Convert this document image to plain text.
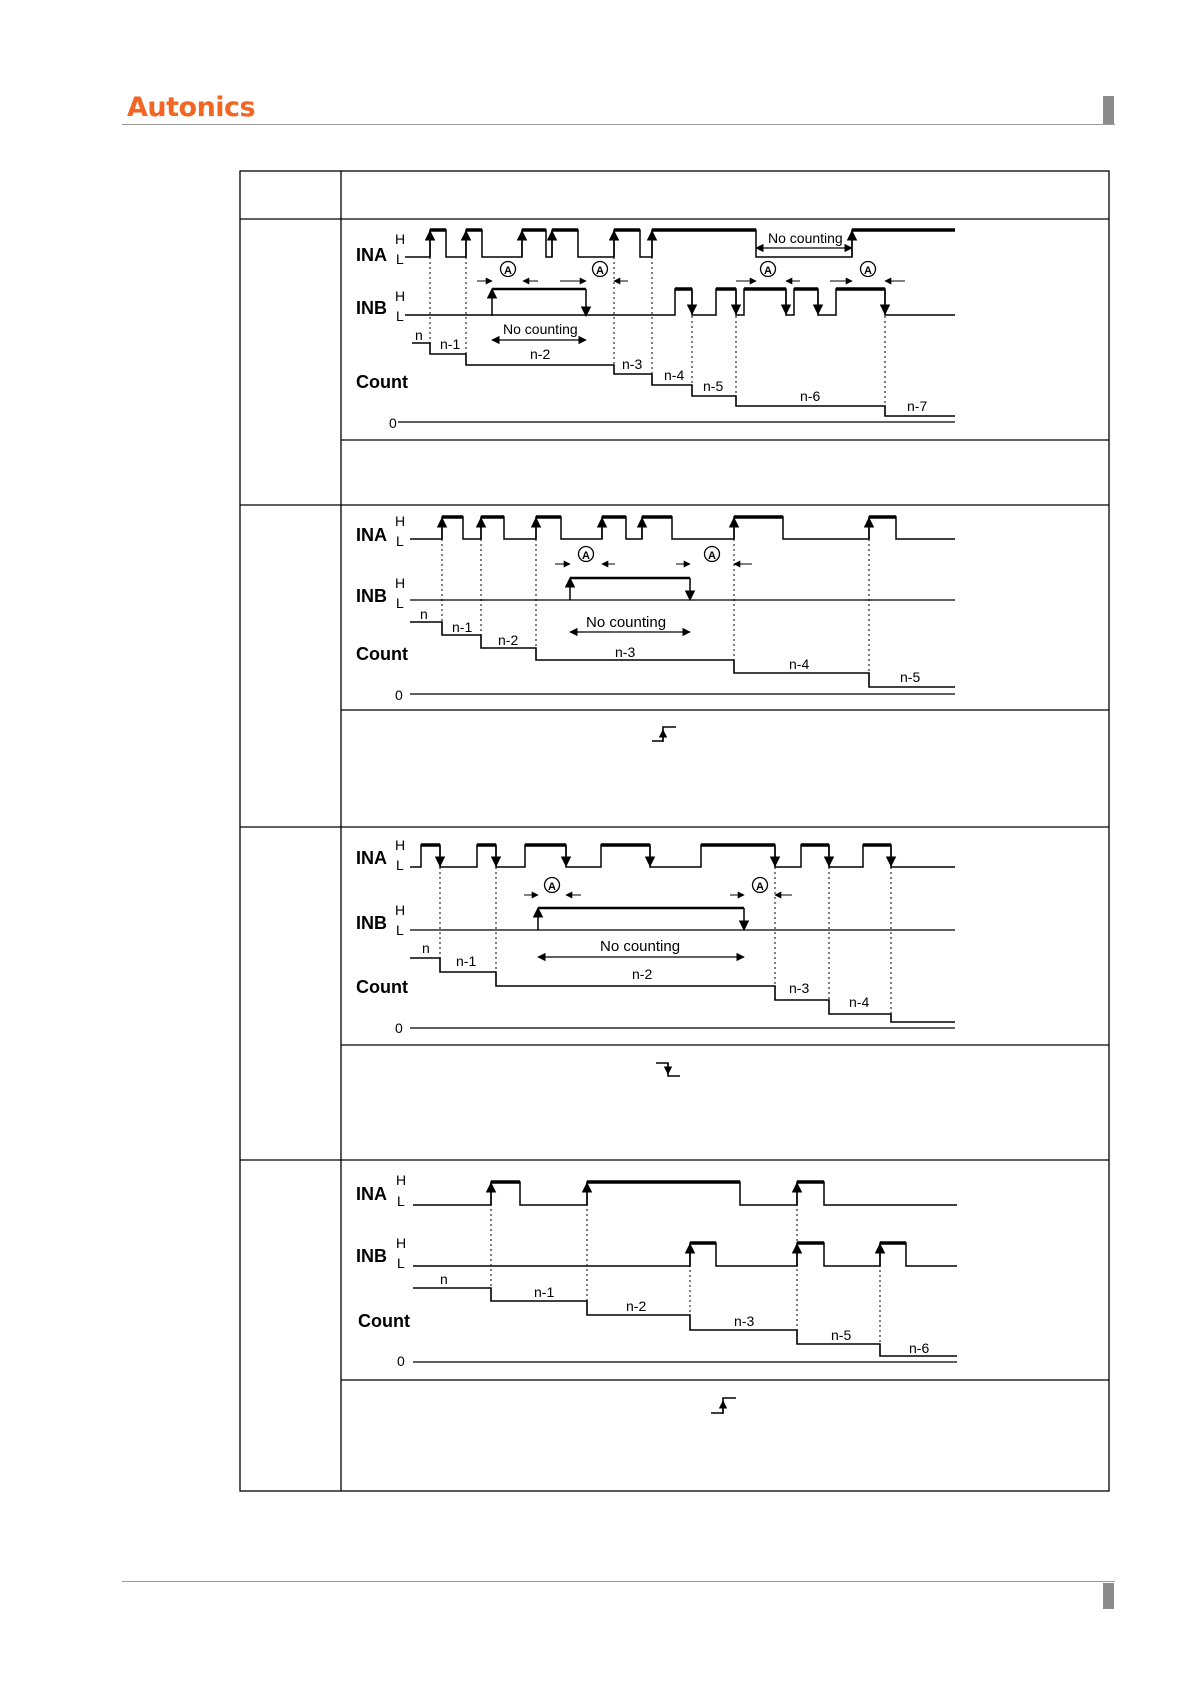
Autonics
INA
H
L
INB
H
L
Count
0
No counting
No counting
A	A	A	A
n
n-1
n-2
n-3
n-4
n-5
n-6
n-7
INA
H
L
INB
H
L
Count
0
No counting
A	A
n
n-1
n-2
n-3
n-4
n-5
INA
H
L
INB
H
L
Count
0
No counting
A	A
n
n-1
n-2
n-3
n-4
INA
H
L
INB
H
L
Count
0
n
n-1
n-2
n-3
n-5
n-6
